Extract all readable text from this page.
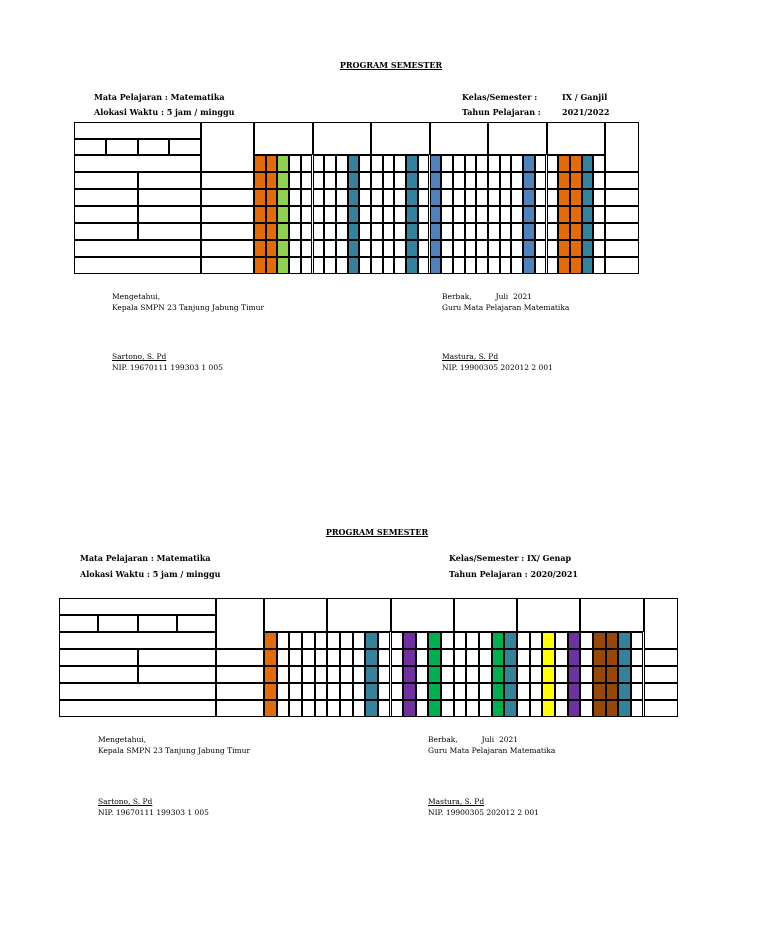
PROGRAM SEMESTER
Mata Pelajaran : Matematika
Alokasi Waktu : 5 jam / minggu
Kelas/Semester :	IX / Ganjil
Tahun Pelajaran :	2021/2022
Mengetahui,
Kepala SMPN 23 Tanjung Jabung Timur
Sartono, S. Pd
NIP. 19670111 199303 1 005
Berbak,          Juli  2021
Guru Mata Pelajaran Matematika
Mastura, S. Pd
NIP. 19900305 202012 2 001
PROGRAM SEMESTER
Mata Pelajaran : Matematika
Alokasi Waktu : 5 jam / minggu
Kelas/Semester : IX/ Genap
Tahun Pelajaran : 2020/2021
Mengetahui,
Kepala SMPN 23 Tanjung Jabung Timur
Sartono, S. Pd
NIP. 19670111 199303 1 005
Berbak,          Juli  2021
Guru Mata Pelajaran Matematika
Mastura, S. Pd
NIP. 19900305 202012 2 001
